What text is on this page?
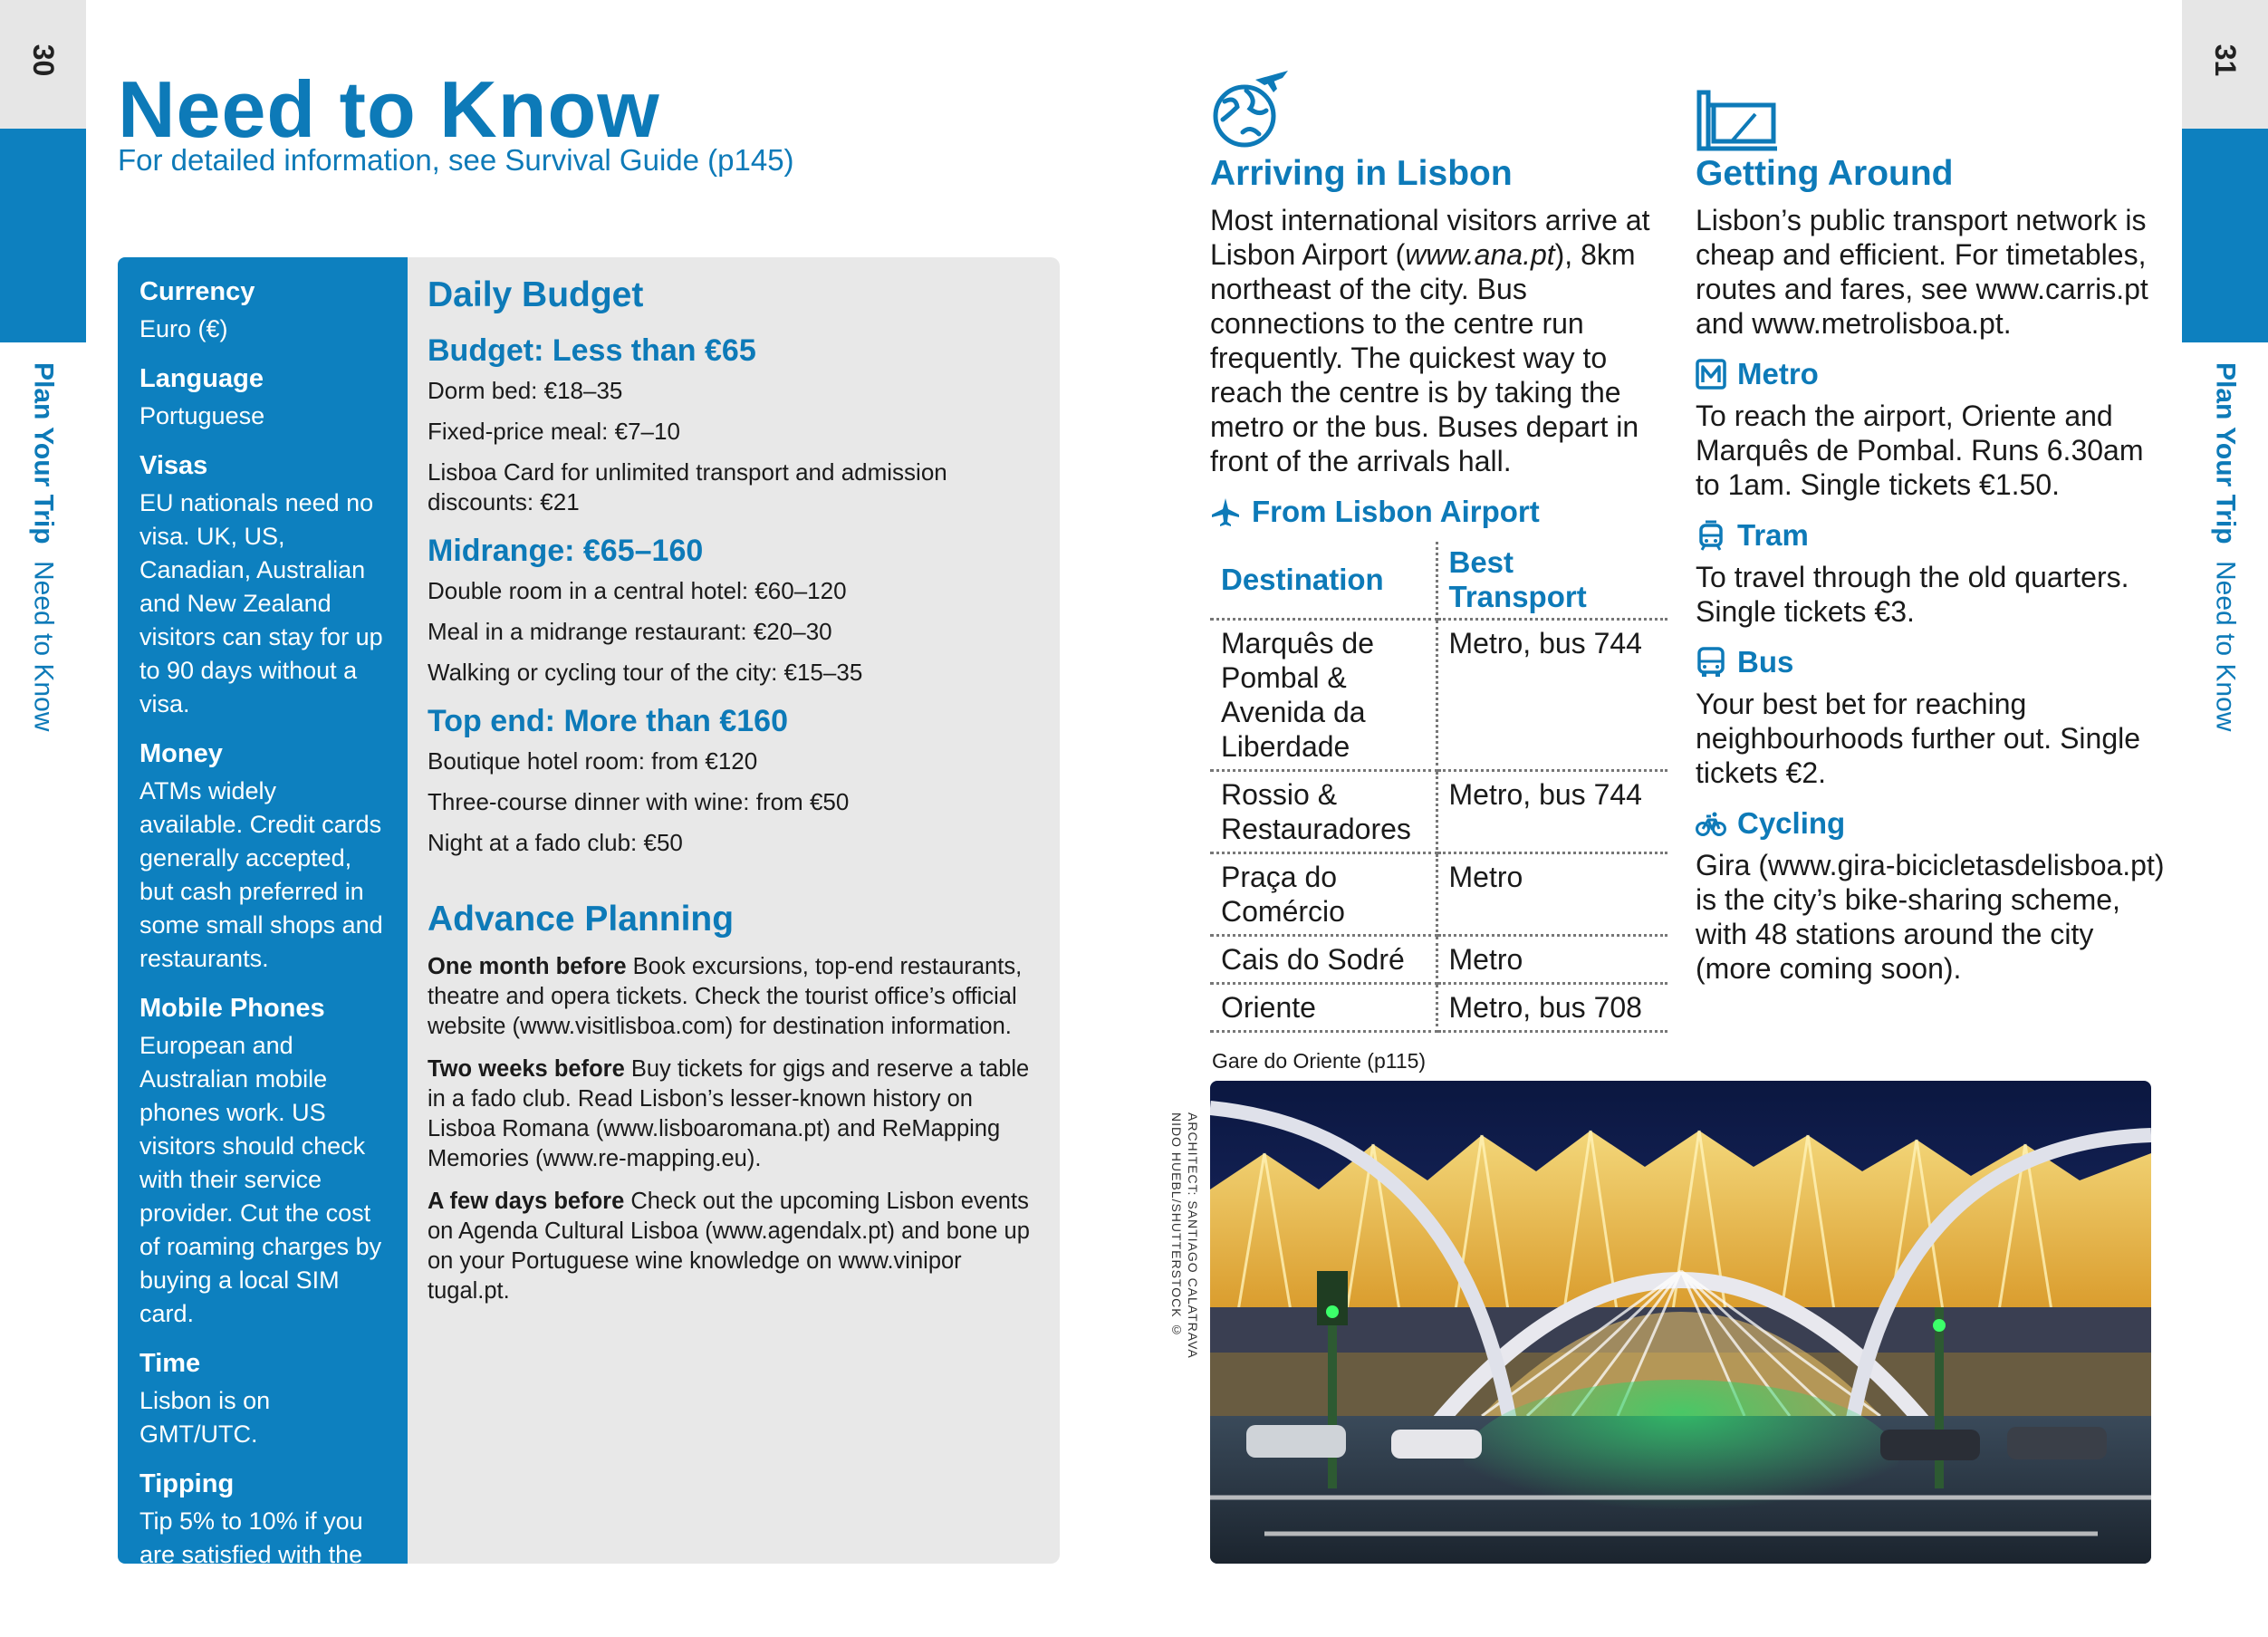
30
Plan Your TripNeed to Know
31
Plan Your TripNeed to Know
Need to Know
For detailed information, see Survival Guide (p145)
Currency

Euro (€)

Language

Portuguese

Visas

EU nationals need no visa. UK, US, Canadian, Australian and New Zealand visitors can stay for up to 90 days without a visa.

Money

ATMs widely available. Credit cards generally accepted, but cash preferred in some small shops and restaurants.

Mobile Phones

European and Australian mobile phones work. US visitors should check with their service provider. Cut the cost of roaming charges by buying a local SIM card.

Time

Lisbon is on GMT/UTC.

Tipping

Tip 5% to 10% if you are satisfied with the service.

Daily Budget
Budget: Less than €65
Dorm bed: €18–35
Fixed-price meal: €7–10
Lisboa Card for unlimited transport and admission discounts: €21
Midrange: €65–160
Double room in a central hotel: €60–120
Meal in a midrange restaurant: €20–30
Walking or cycling tour of the city: €15–35
Top end: More than €160
Boutique hotel room: from €120
Three-course dinner with wine: from €50
Night at a fado club: €50
Advance Planning
One month before Book excursions, top-end restaurants, theatre and opera tickets. Check the tourist office’s official website (www.visitlisboa.com) for destination information.
Two weeks before Buy tickets for gigs and reserve a table in a fado club. Read Lisbon’s lesser-known history on Lisboa Romana (www.lisboaromana.pt) and ReMapping Memories (www.re-mapping.eu).
A few days before Check out the upcoming Lisbon events on Agenda Cultural Lisboa (www.agendalx.pt) and bone up on your Portuguese wine knowledge on www.vinipor tugal.pt.
Arriving in Lisbon
Most international visitors arrive at Lisbon Airport (www.ana.pt), 8km northeast of the city. Bus connections to the centre run frequently. The quickest way to reach the centre is by taking the metro or the bus. Buses depart in front of the arrivals hall.
From Lisbon Airport
Destination	Best Transport
Marquês de Pombal & Avenida da Liberdade	Metro, bus 744
Rossio & Restauradores	Metro, bus 744
Praça do Comércio	Metro
Cais do Sodré	Metro
Oriente	Metro, bus 708
Getting Around
Lisbon’s public transport network is cheap and efficient. For timetables, routes and fares, see www.carris.pt and www.metrolisboa.pt.
Metro
To reach the airport, Oriente and Marquês de Pombal. Runs 6.30am to 1am. Single tickets €1.50.
Tram
To travel through the old quarters. Single tickets €3.
Bus
Your best bet for reaching neighbourhoods further out. Single tickets €2.
Cycling
Gira (www.gira-bicicletasdelisboa.pt) is the city’s bike-sharing scheme, with 48 stations around the city (more coming soon).
Gare do Oriente (p115)
ARCHITECT: SANTIAGO CALATRAVA
NIDO HUEBL/SHUTTERSTOCK ©
